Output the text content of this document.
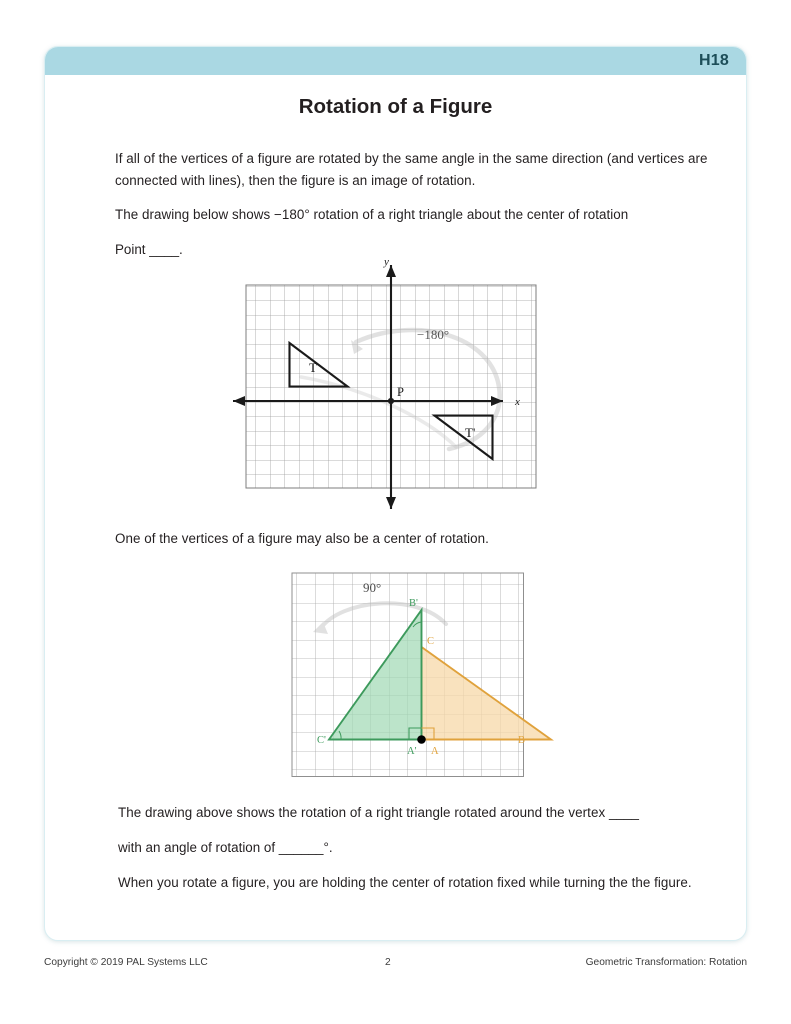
H18
Rotation of a Figure
If all of the vertices of a figure are rotated by the same angle in the same direction (and vertices are connected with lines), then the figure is an image of rotation.
The drawing below shows −180° rotation of a right triangle about the center of rotation
Point ____.
x
y
T
T'
P
−180°
One of the vertices of a figure may also be a center of rotation.
B'
C
C'
A' A
B
90°
The drawing above shows the rotation of a right triangle rotated around the vertex ____
with an angle of rotation of ______°.
When you rotate a figure, you are holding the center of rotation fixed while turning the the figure.
Copyright © 2019 PAL Systems LLC	2	Geometric Transformation: Rotation
